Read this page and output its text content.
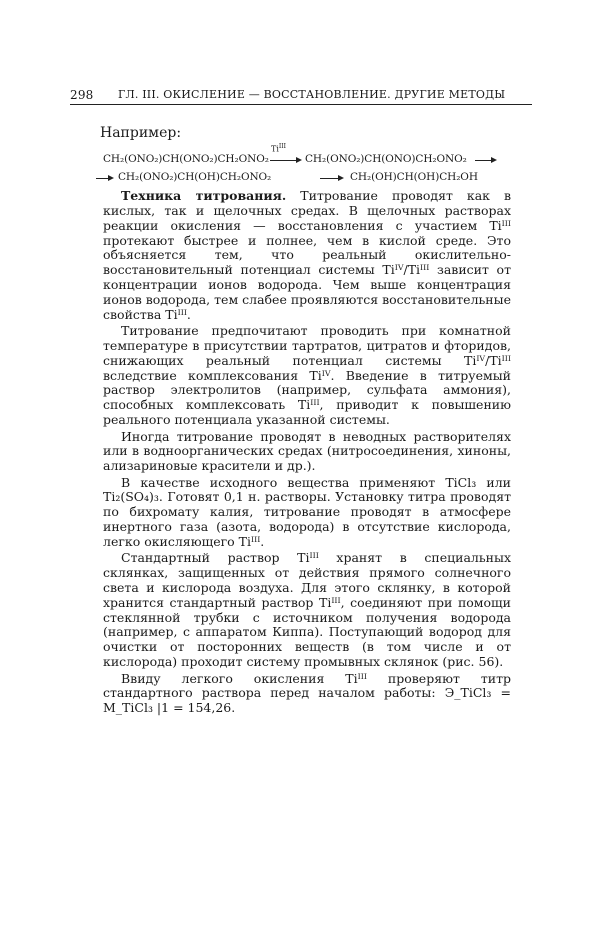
298 ГЛ. III. ОКИСЛЕНИЕ — ВОССТАНОВЛЕНИЕ. ДРУГИЕ МЕТОДЫ
Например:
$Ti^{III}$
CH₂(ONO₂)CH(ONO₂)CH₂ONO₂ → CH₂(ONO₂)CH(ONO)CH₂ONO₂ →
→ CH₂(ONO₂)CH(OH)CH₂ONO₂	→ CH₂(OH)CH(OH)CH₂OH

Техника титрования. Титрование проводят как в кислых, так и щелочных средах. В щелочных растворах реакции окисления — восстановления с участием Tiᴵᴵᴵ протекают быстрее и полнее, чем в кислой среде. Это объясняется тем, что реальный окислительно-восстановительный потенциал системы Tiᴵⱽ/Tiᴵᴵᴵ зависит от концентрации ионов водорода. Чем выше концентрация ионов водорода, тем слабее проявляются восстановительные свойства Tiᴵᴵᴵ.

Титрование предпочитают проводить при комнатной температуре в присутствии тартратов, цитратов и фторидов, снижающих реальный потенциал системы Tiᴵⱽ/Tiᴵᴵᴵ вследствие комплексования Tiᴵⱽ. Введение в титруемый раствор электролитов (например, сульфата аммония), способных комплексовать Tiᴵᴵᴵ, приводит к повышению реального потенциала указанной системы.

Иногда титрование проводят в неводных растворителях или в водноорганических средах (нитросоединения, хиноны, ализариновые красители и др.).

В качестве исходного вещества применяют TiCl₃ или Ti₂(SO₄)₃. Готовят 0,1 н. растворы. Установку титра проводят по бихромату калия, титрование проводят в атмосфере инертного газа (азота, водорода) в отсутствие кислорода, легко окисляющего Tiᴵᴵᴵ.

Стандартный раствор Tiᴵᴵᴵ хранят в специальных склянках, защищенных от действия прямого солнечного света и кислорода воздуха. Для этого склянку, в которой хранится стандартный раствор Tiᴵᴵᴵ, соединяют при помощи стеклянной трубки с источником получения водорода (например, с аппаратом Киппа). Поступающий водород для очистки от посторонних веществ (в том числе и от кислорода) проходит систему промывных склянок (рис. 56).

Ввиду легкого окисления Tiᴵᴵᴵ проверяют титр стандартного раствора перед началом работы: Э_TiCl₃ = M_TiCl₃ |1 = 154,26.
